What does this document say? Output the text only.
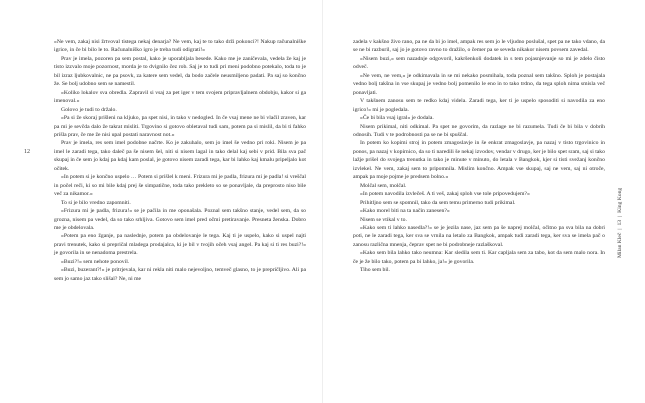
12

»Ne vem, zakaj nisi žrtvoval tistega nekaj denarja? Ne vem, kaj te to tako drži pokonci?! Nakup računalniške igrice, in če bi bilo le to. Računalniško igro je treba tudi odigrati!«

Prav je imela, pozoren pa sem postal, kako je uporabljala besede. Kako me je zaničevala, vedela že kaj je tisto izzvalo moje pozornost, morda je to dvignilo čez rob. Saj je to tudi pri meni podobno potekalo, toda to je bil izraz ljubkovalnic, ne pa psovk, za katere sem vedel, da bodo začele neusmiljeno padati. Pa saj so končno že. Se bolj udobno sem se namestil.

»Koliko lokalov sva obredla. Zapravil si vsaj za pet iger v tem svojem pripravljalnem obdobju, kakor si ga imenoval.«

Golovo je tudi to držalo.

»Pa si že skoraj prišleni na kljuko, pa spet nisi, in tako v nedogled. In če vsaj mene ne bi vlačil zraven, kar pa mi je sevčda dalo že takrat misliti. Trgovino si gotovo obletaval tudi sam, potem pa si mislil, da bi ti fahko prišla prav, če me že nisi upal postati naravnost not.«

Prav je imela, res sem imel podobne načrte. Ko je zakuhalo, sem jo imel še vedno pri roki. Nisem je pa imel le zaradi tega, tako dalеč pa še nisem šel, niti si nisem lagal in tako delal kaj sebi v prid. Bila sva pač skupaj in če sem jo kdaj pa kdaj kam poslal, je gotovo nisem zaradi tega, kar bi lahko kaj kmalu pripeljalo kot očitek.

»In potem si je končno uspelo … Potem si prišlel k meni. Frizura mi je padla, frizura mi je padla! si vreščal in počel reči, ki so mi bile kdaj prej še simpatične, toda tako prekleto so se ponavljale, da preprosto niso bile več za nikamor.«

To si je bilo vredno zapomniti.

»Frizura mi je padla, frizura!« se je pačila in me oponašala. Poznal sem takšno stanje, vedel sem, da so grozna, nisem pa vedel, da so tako srhljiva. Gotovo sem imel pred očmi pretiravanje. Presneta ženska. Dobro me je obdelovala.

»Potem pa eno žganje, pa naslednje, potem pa obdelovanje le tega. Kaj ti je uspelo, kako si uspel najti pravi trenutek, kako si prepričal mladega prodajalca, ki je bil v tvojih očeh vsaj angel. Pa kaj si ti res buzi?!« je govorila in se nenadoma prestrela.

»Buzi?!« sem nehote ponovil.

»Buzi, buzerant?!« je pritrjevala, kar ni rekla niti malo nejevoljno, temveč glasno, to je prepričljivo. Ali pa sem jo samo jaz tako slišal? Ne, ni me

zadela v kakšno živo rano, pa ne da bi jo imel, ampak res sem jo le vljudno poslušal, spet pa ne tako vdano, da se ne bi razburil, saj jo je gotovo ravno to dražilo, o čemer pa se seveda nikakor nisem povsem zavedal.

»Nisem buzi,« sem nazadnje odgovoril, kakršenkoli dodatek in s tem pojasnjevanje so mi je zdelo čisto odveč.

»Ne vem, ne vem,« je odkimavala in se mi nekako posmihala, toda poznal sem takšno. Sploh je postajala vedno bolj takšna in vse skupaj je vedno bolj pomenilo le eno in to tako trdno, da tega sploh nima smisla več ponavljati.

V takšnem zanosu sem te redko kdaj videla. Zaradi tega, ker ti je uspelo sposoditi si navodila za eno igrico!« mi je pogledala.

»Če bi bila vsaj igral« je dodala.

Nisem prikimal, niti odkimal. Pa spet ne govorim, da razlage ne bi razumela. Tudi če bi bila v dobrih odnosih. Tudi v te podrobnosti pa se ne bi spuščal.

In potem ko kopimi stroj in potem zmagoslavje in še enkrat zmagoslavje, pa nazaj v tisto trgovinico in ponos, pa nazaj v kopirnico, da so ti naredili še nekaj izvodov, vendar v drugo, ker je bilo spet sram, saj si tako lažje prišel do svojega trenutka in tako je minute v minuto, do letala v Bangkok, kjer si tisti svežanj končno izvlekel. Ne vem, zakaj sem to pripomnila. Mislim končno. Ampak vse skupaj, saj ne vem, saj ni otroče, ampak pa moje pojme je predsem bolno.«

Molčal sem, molčal.

»In potem navodila izvlečeš. A ti veš, zakaj sploh vse tole pripovedujem?«

Prihitljno sem se spomnil, tako da sem temu primerno tudi prikimal.

»Kako morel biti na ta način zanesen?«

Nisem se vtikal v to.

»Kako sem ti lahko nasedla?!« se je jezila nase, jaz sem pa še naprej molčal, očitno pa sva bila na dobri poti, ne le zaradi tega, ker sva se vrnila na letalo za Bangkok, ampak tudi zaradi tega, ker sva se imela pač o zanosu različna mnenja, čeprav spet ne bi podrobneje razlaškoval.

»Kako sem bila lahko tako neumna: Kar sledila sem ti. Kar capljala sem za tabo, kot da sem malo nora. In če je že bilo tako, potem pa bi lahko, ja!« je govorila.

Tiho sem bil.

Milan Kleč|13|King Kong
